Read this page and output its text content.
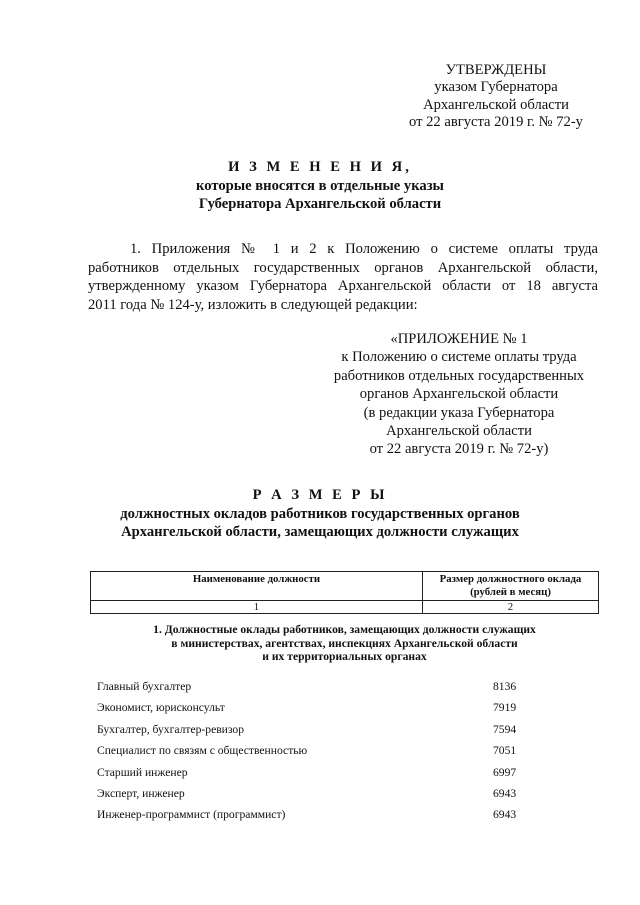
УТВЕРЖДЕНЫ
указом Губернатора
Архангельской области
от 22 августа 2019 г. № 72-у
И З М Е Н Е Н И Я,
которые вносятся в отдельные указы
Губернатора Архангельской области
1. Приложения № 1 и 2 к Положению о системе оплаты труда
работников отдельных государственных органов Архангельской области,
утвержденному указом Губернатора Архангельской области от 18 августа
2011 года № 124-у, изложить в следующей редакции:
«ПРИЛОЖЕНИЕ № 1
к Положению о системе оплаты труда
работников отдельных государственных
органов Архангельской области
(в редакции указа Губернатора
Архангельской области
от 22 августа 2019 г. № 72-у)
Р А З М Е Р Ы
должностных окладов работников государственных органов
Архангельской области, замещающих должности служащих
Наименование должности	Размер должностного оклада
(рублей в месяц)

1	2
1. Должностные оклады работников, замещающих должности служащих
в министерствах, агентствах, инспекциях Архангельской области
и их территориальных органах
Главный бухгалтер	8136
Экономист, юрисконсульт	7919
Бухгалтер, бухгалтер-ревизор	7594
Специалист по связям с общественностью	7051
Старший инженер	6997
Эксперт, инженер	6943
Инженер-программист (программист)	6943
